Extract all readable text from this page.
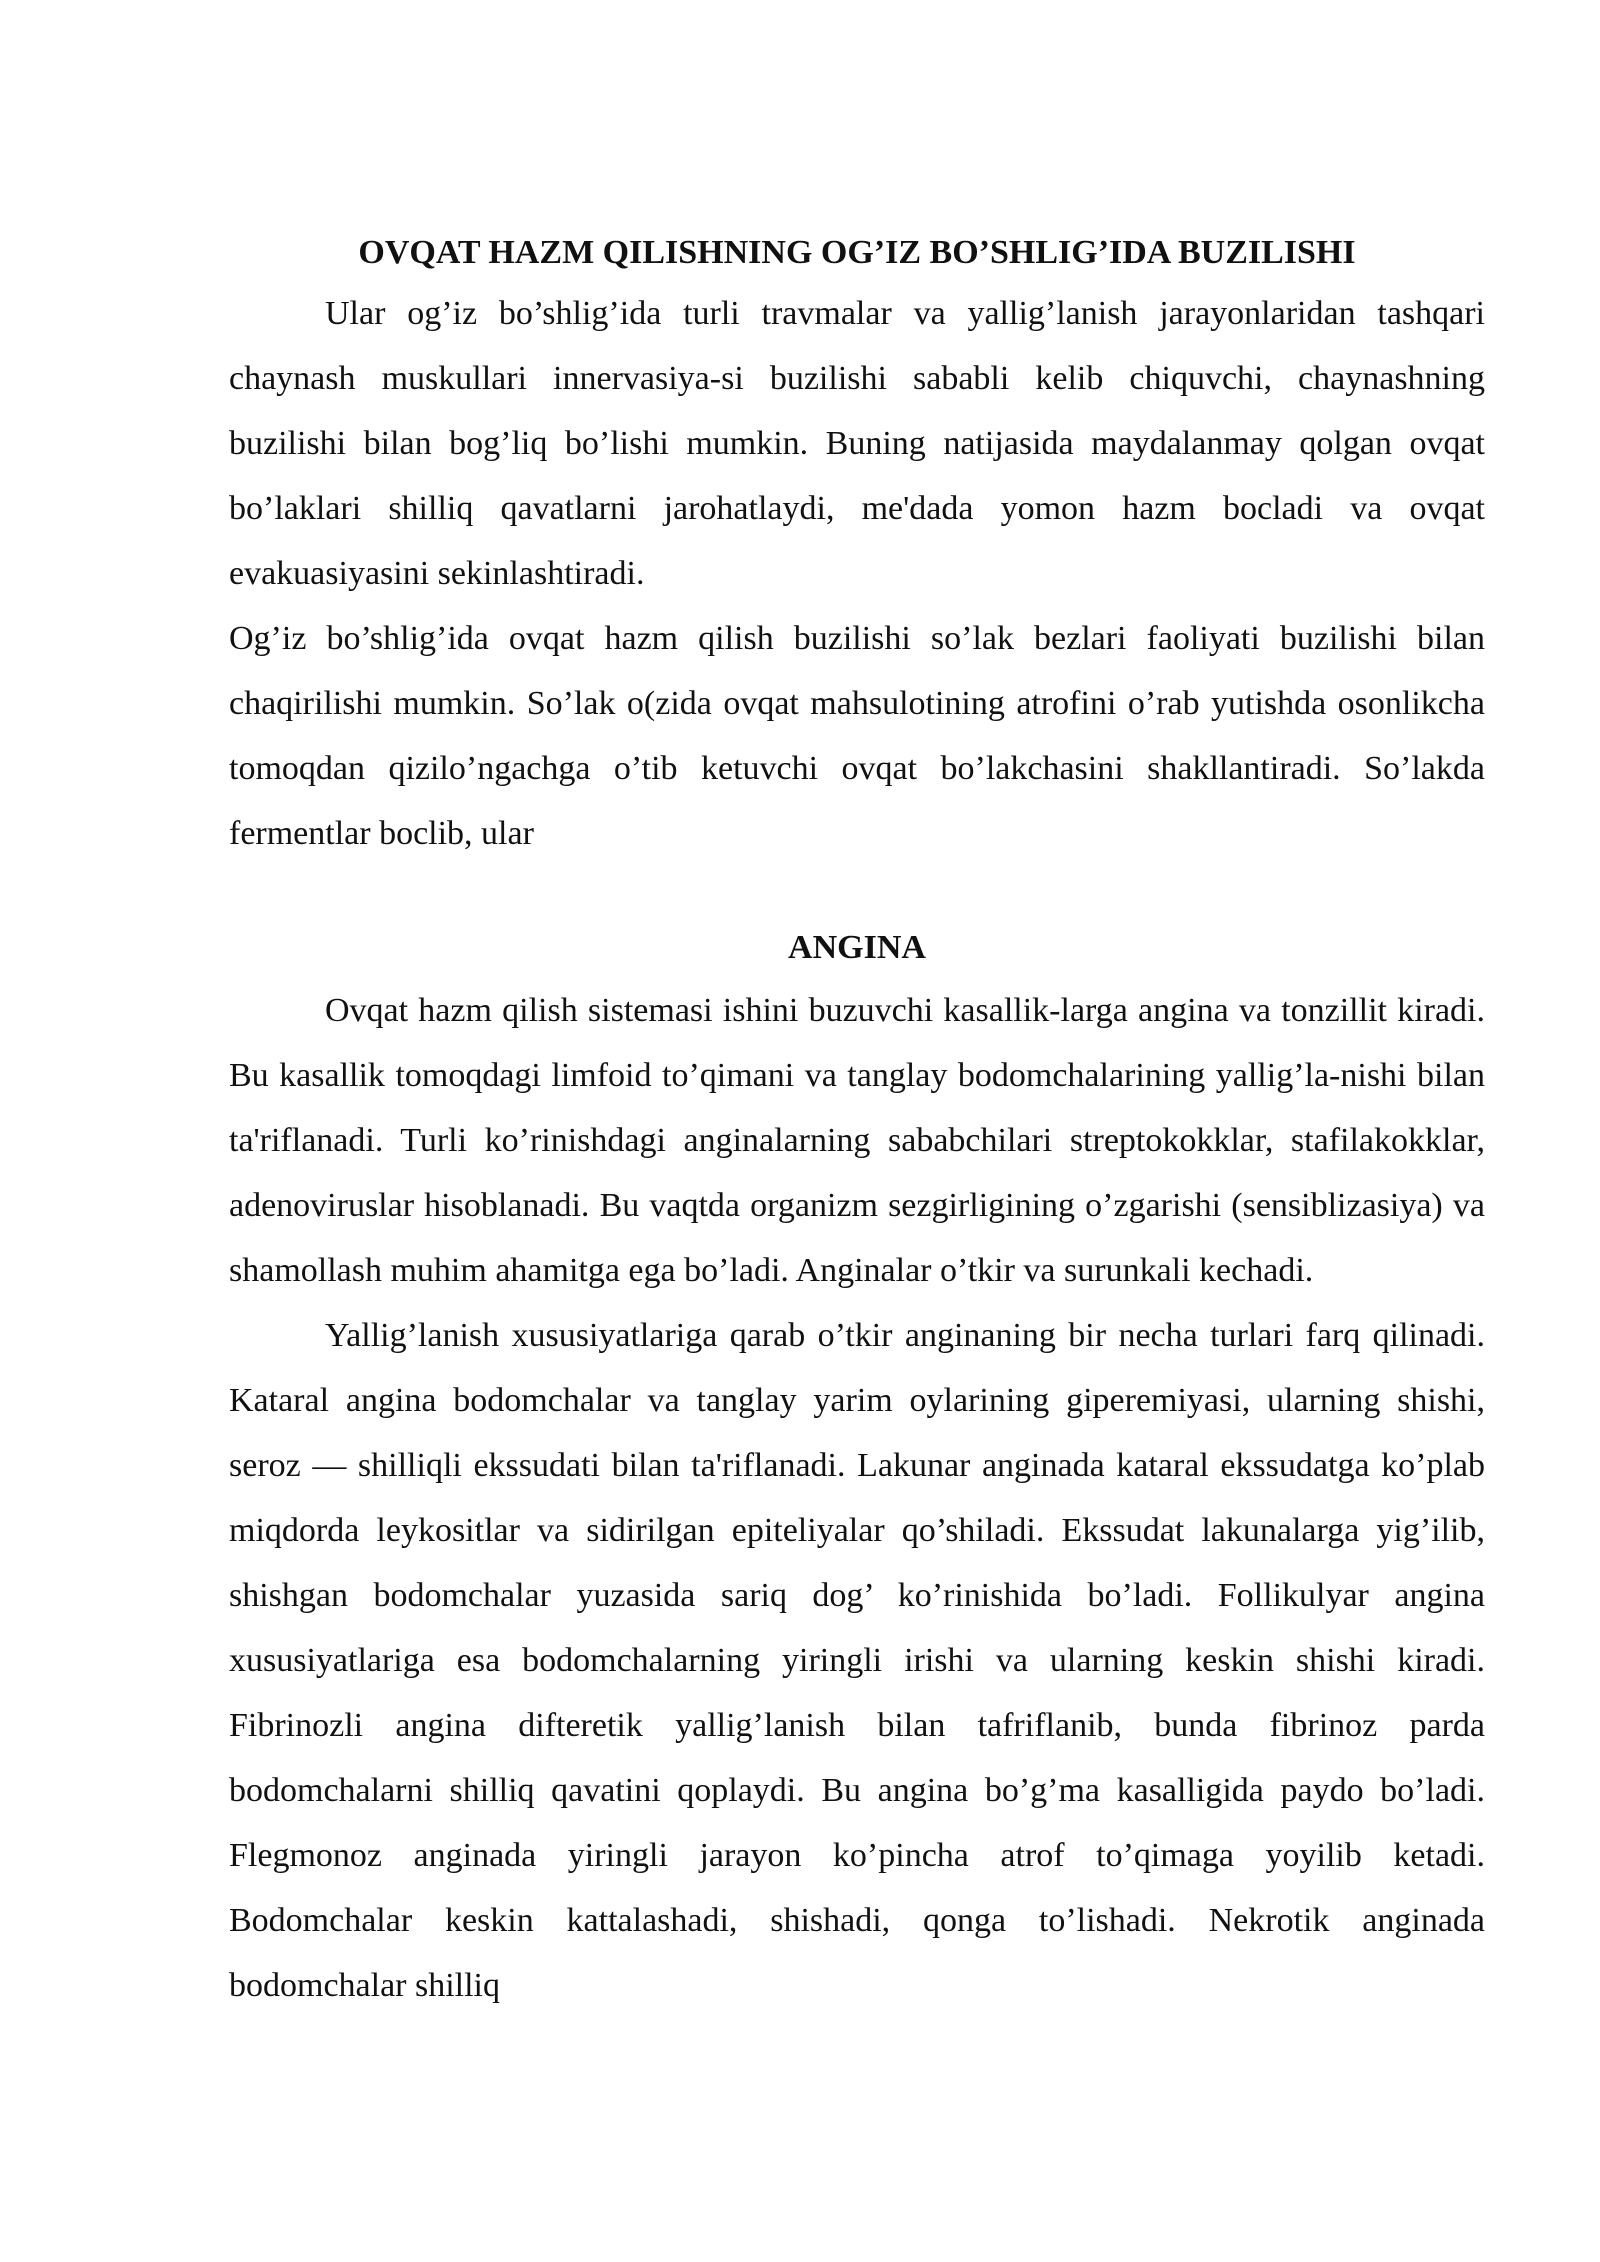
OVQAT HAZM QILISHNING OG’IZ BO’SHLIG’IDA BUZILISHI

Ular og’iz bo’shlig’ida turli travmalar va yallig’lanish jarayonlaridan tashqari chaynash muskullari innervasiya-si buzilishi sababli kelib chiquvchi, chaynashning buzilishi bilan bog’liq bo’lishi mumkin. Buning natijasida maydalanmay qolgan ovqat bo’laklari shilliq qavatlarni jarohatlaydi, me'dada yomon hazm bocladi va ovqat evakuasiyasini sekinlashtiradi.

Og’iz bo’shlig’ida ovqat hazm qilish buzilishi so’lak bezlari faoliyati buzilishi bilan chaqirilishi mumkin. So’lak o(zida ovqat mahsulotining atrofini o’rab yutishda osonlikcha tomoqdan qizilo’ngachga o’tib ketuvchi ovqat bo’lakchasini shakllantiradi. So’lakda fermentlar boclib, ular

ANGINA

Ovqat hazm qilish sistemasi ishini buzuvchi kasallik-larga angina va tonzillit kiradi. Bu kasallik tomoqdagi limfoid to’qimani va tanglay bodomchalarining yallig’la-nishi bilan ta'riflanadi. Turli ko’rinishdagi anginalarning sababchilari streptokokklar, stafilakokklar, adenoviruslar hisoblanadi. Bu vaqtda organizm sezgirligining o’zgarishi (sensiblizasiya) va shamollash muhim ahamitga ega bo’ladi. Anginalar o’tkir va surunkali kechadi.

Yallig’lanish xususiyatlariga qarab o’tkir anginaning bir necha turlari farq qilinadi. Kataral angina bodomchalar va tanglay yarim oylarining giperemiyasi, ularning shishi, seroz — shilliqli ekssudati bilan ta'riflanadi. Lakunar anginada kataral ekssudatga ko’plab miqdorda leykositlar va sidirilgan epiteliyalar qo’shiladi. Ekssudat lakunalarga yig’ilib, shishgan bodomchalar yuzasida sariq dog’ ko’rinishida bo’ladi. Follikulyar angina xususiyatlariga esa bodomchalarning yiringli irishi va ularning keskin shishi kiradi. Fibrinozli angina difteretik yallig’lanish bilan tafriflanib, bunda fibrinoz parda bodomchalarni shilliq qavatini qoplaydi. Bu angina bo’g’ma kasalligida paydo bo’ladi. Flegmonoz anginada yiringli jarayon ko’pincha atrof to’qimaga yoyilib ketadi. Bodomchalar keskin kattalashadi, shishadi, qonga to’lishadi. Nekrotik anginada bodomchalar shilliq
